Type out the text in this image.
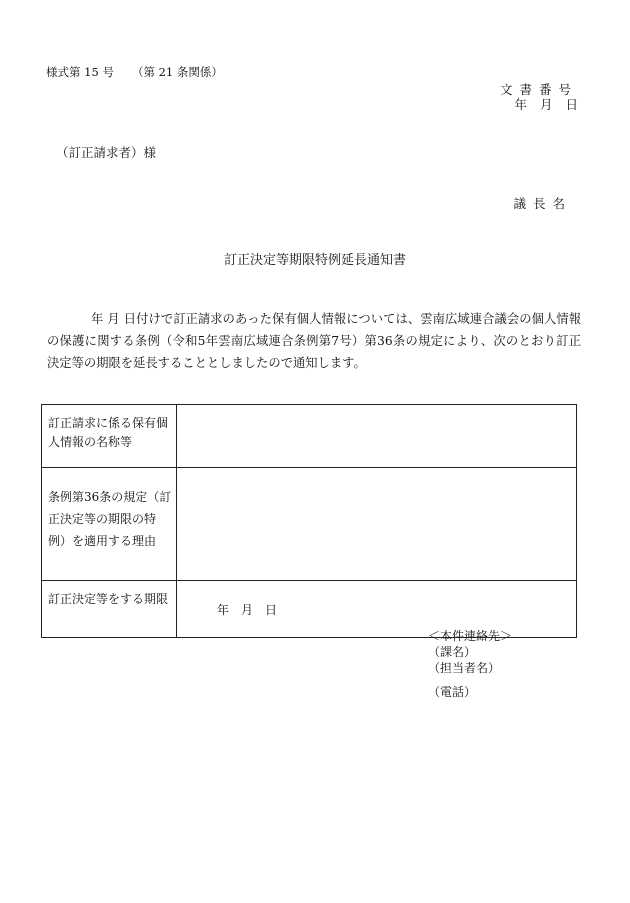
様式第 15 号 （第 21 条関係）
文書番号
年 月 日
（訂正請求者）様
議長名
訂正決定等期限特例延長通知書
年 月 日付けで訂正請求のあった保有個人情報については、雲南広域連合議会の個人情報の保護に関する条例（令和5年雲南広域連合条例第7号）第36条の規定により、次のとおり訂正決定等の期限を延長することとしましたので通知します。
訂正請求に係る保有個人情報の名称等	
条例第36条の規定（訂正決定等の期限の特例）を適用する理由	
訂正決定等をする期限	年 月 日
＜本件連絡先＞
（課名）
（担当者名）
（電話）
